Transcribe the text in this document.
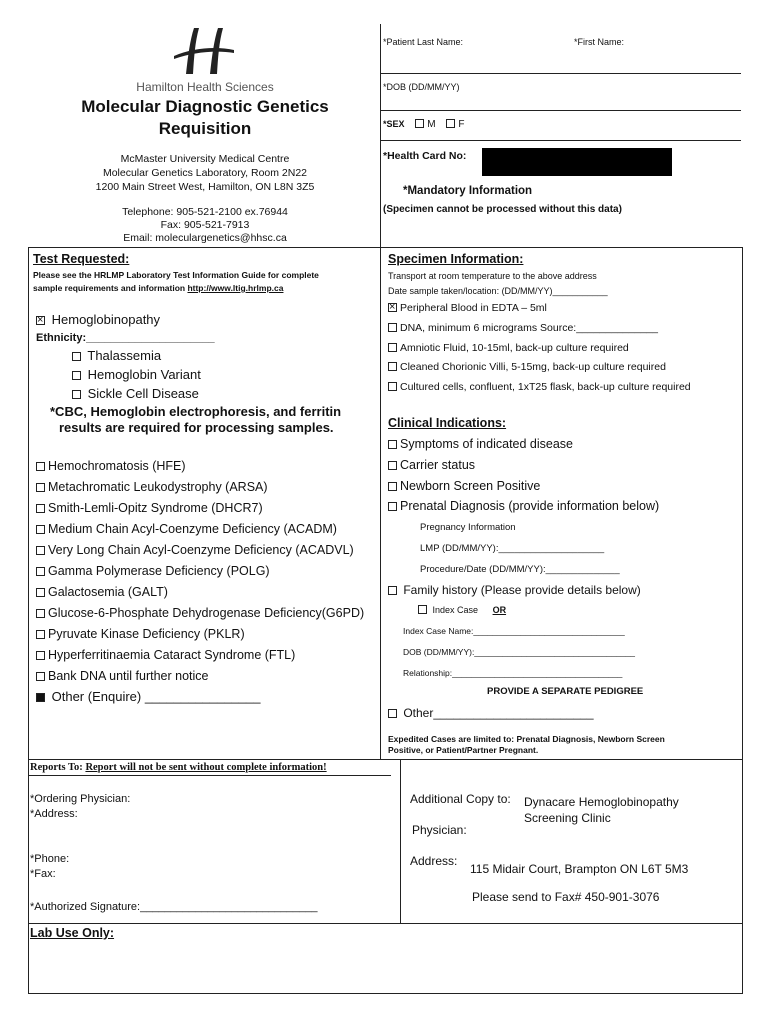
Hamilton Health Sciences
Molecular Diagnostic Genetics
Requisition
McMaster University Medical Centre
Molecular Genetics Laboratory, Room 2N22
1200 Main Street West, Hamilton, ON L8N 3Z5
Telephone: 905-521-2100 ex.76944
Fax: 905-521-7913
Email: moleculargenetics@hhsc.ca
*Patient Last Name:	*First Name:
*DOB (DD/MM/YY)
*SEX M F
*Health Card No:
*Mandatory Information
(Specimen cannot be processed without this data)
Test Requested:
Please see the HRLMP Laboratory Test Information Guide for complete
sample requirements and information http://www.ltig.hrlmp.ca
× Hemoglobinopathy
Ethnicity:_____________________
Thalassemia
Hemoglobin Variant
Sickle Cell Disease
*CBC, Hemoglobin electrophoresis, and ferritin
results are required for processing samples.
Hemochromatosis (HFE)
Metachromatic Leukodystrophy (ARSA)
Smith-Lemli-Opitz Syndrome (DHCR7)
Medium Chain Acyl-Coenzyme Deficiency (ACADM)
Very Long Chain Acyl-Coenzyme Deficiency (ACADVL)
Gamma Polymerase Deficiency (POLG)
Galactosemia (GALT)
Glucose-6-Phosphate Dehydrogenase Deficiency(G6PD)
Pyruvate Kinase Deficiency (PKLR)
Hyperferritinaemia Cataract Syndrome (FTL)
Bank DNA until further notice
Other (Enquire) ________________
Specimen Information:
Transport at room temperature to the above address
Date sample taken/location: (DD/MM/YY)___________
×Peripheral Blood in EDTA – 5ml
DNA, minimum 6 micrograms Source:______________
Amniotic Fluid, 10-15ml, back-up culture required
Cleaned Chorionic Villi, 5-15mg, back-up culture required
Cultured cells, confluent, 1xT25 flask, back-up culture required
Clinical Indications:
Symptoms of indicated disease
Carrier status
Newborn Screen Positive
Prenatal Diagnosis (provide information below)
Pregnancy Information
LMP (DD/MM/YY):____________________
Procedure/Date (DD/MM/YY):______________
Family history (Please provide details below)
Index Case OR
Index Case Name:________________________________
DOB (DD/MM/YY):__________________________________
Relationship:____________________________________
PROVIDE A SEPARATE PEDIGREE
Other________________________
Expedited Cases are limited to: Prenatal Diagnosis, Newborn Screen
Positive, or Patient/Partner Pregnant.
Reports To: Report will not be sent without complete information!
*Ordering Physician:
*Address:
*Phone:
*Fax:
*Authorized Signature:_____________________________
Additional Copy to: Dynacare Hemoglobinopathy
Screening Clinic
Physician:
Address:
115 Midair Court, Brampton ON L6T 5M3
Please send to Fax# 450-901-3076
Lab Use Only:
